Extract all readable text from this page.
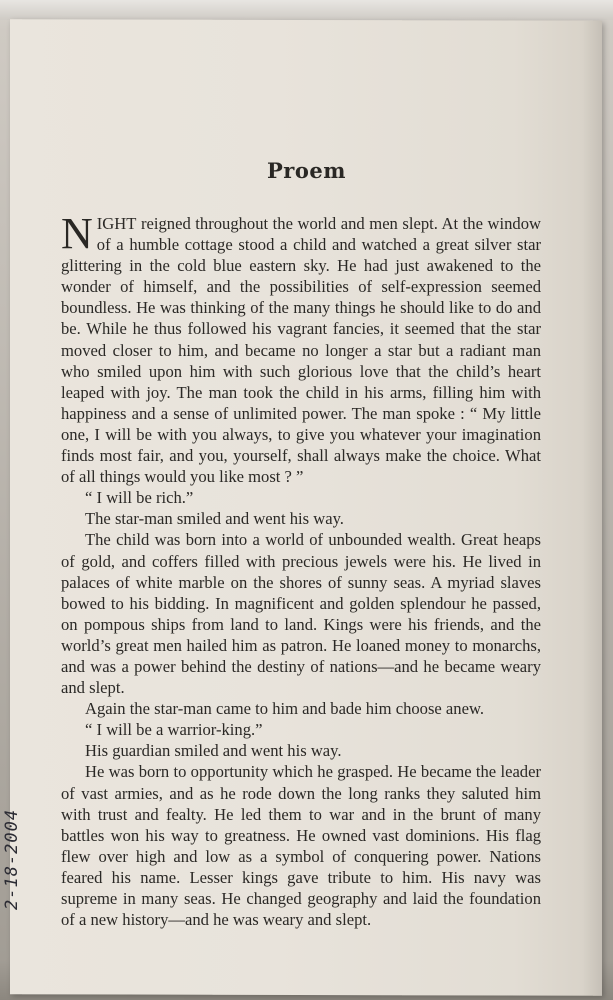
Proem

NIGHT reigned throughout the world and men slept. At the window of a humble cottage stood a child and watched a great silver star glittering in the cold blue eastern sky. He had just awakened to the wonder of himself, and the possibilities of self-expression seemed boundless. He was thinking of the many things he should like to do and be. While he thus followed his vagrant fancies, it seemed that the star moved closer to him, and became no longer a star but a radiant man who smiled upon him with such glorious love that the child’s heart leaped with joy. The man took the child in his arms, filling him with happiness and a sense of unlimited power. The man spoke : “ My little one, I will be with you always, to give you whatever your imagination finds most fair, and you, yourself, shall always make the choice. What of all things would you like most ? ”

“ I will be rich.”

The star-man smiled and went his way.

The child was born into a world of unbounded wealth. Great heaps of gold, and coffers filled with precious jewels were his. He lived in palaces of white marble on the shores of sunny seas. A myriad slaves bowed to his bidding. In magnificent and golden splendour he passed, on pompous ships from land to land. Kings were his friends, and the world’s great men hailed him as patron. He loaned money to monarchs, and was a power behind the destiny of nations—and he became weary and slept.

Again the star-man came to him and bade him choose anew.

“ I will be a warrior-king.”

His guardian smiled and went his way.

He was born to opportunity which he grasped. He became the leader of vast armies, and as he rode down the long ranks they saluted him with trust and fealty. He led them to war and in the brunt of many battles won his way to greatness. He owned vast dominions. His flag flew over high and low as a symbol of conquering power. Nations feared his name. Lesser kings gave tribute to him. His navy was supreme in many seas. He changed geography and laid the foundation of a new history—and he was weary and slept.

2-18-2004
